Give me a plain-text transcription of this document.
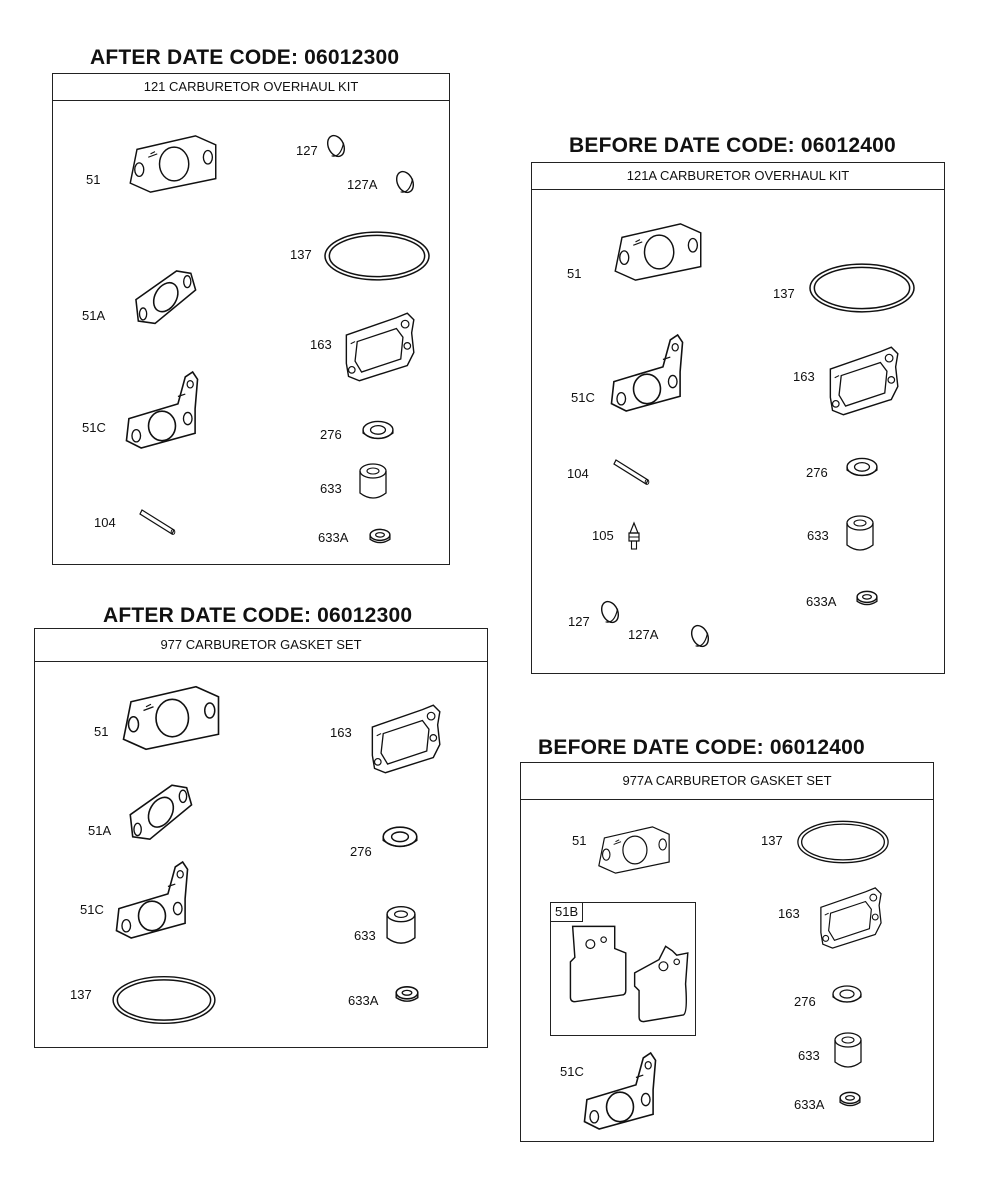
AFTER DATE CODE: 06012300
121 CARBURETOR OVERHAUL KIT
51
51A
51C
104
127
127A
137
163
276
633
633A
BEFORE DATE CODE: 06012400
121A CARBURETOR OVERHAUL KIT
51
51C
104
105
127
127A
137
163
276
633
633A
AFTER DATE CODE: 06012300
977 CARBURETOR GASKET SET
51
51A
51C
137
163
276
633
633A
BEFORE DATE CODE: 06012400
977A CARBURETOR GASKET SET
51
51B
51C
137
163
276
633
633A
